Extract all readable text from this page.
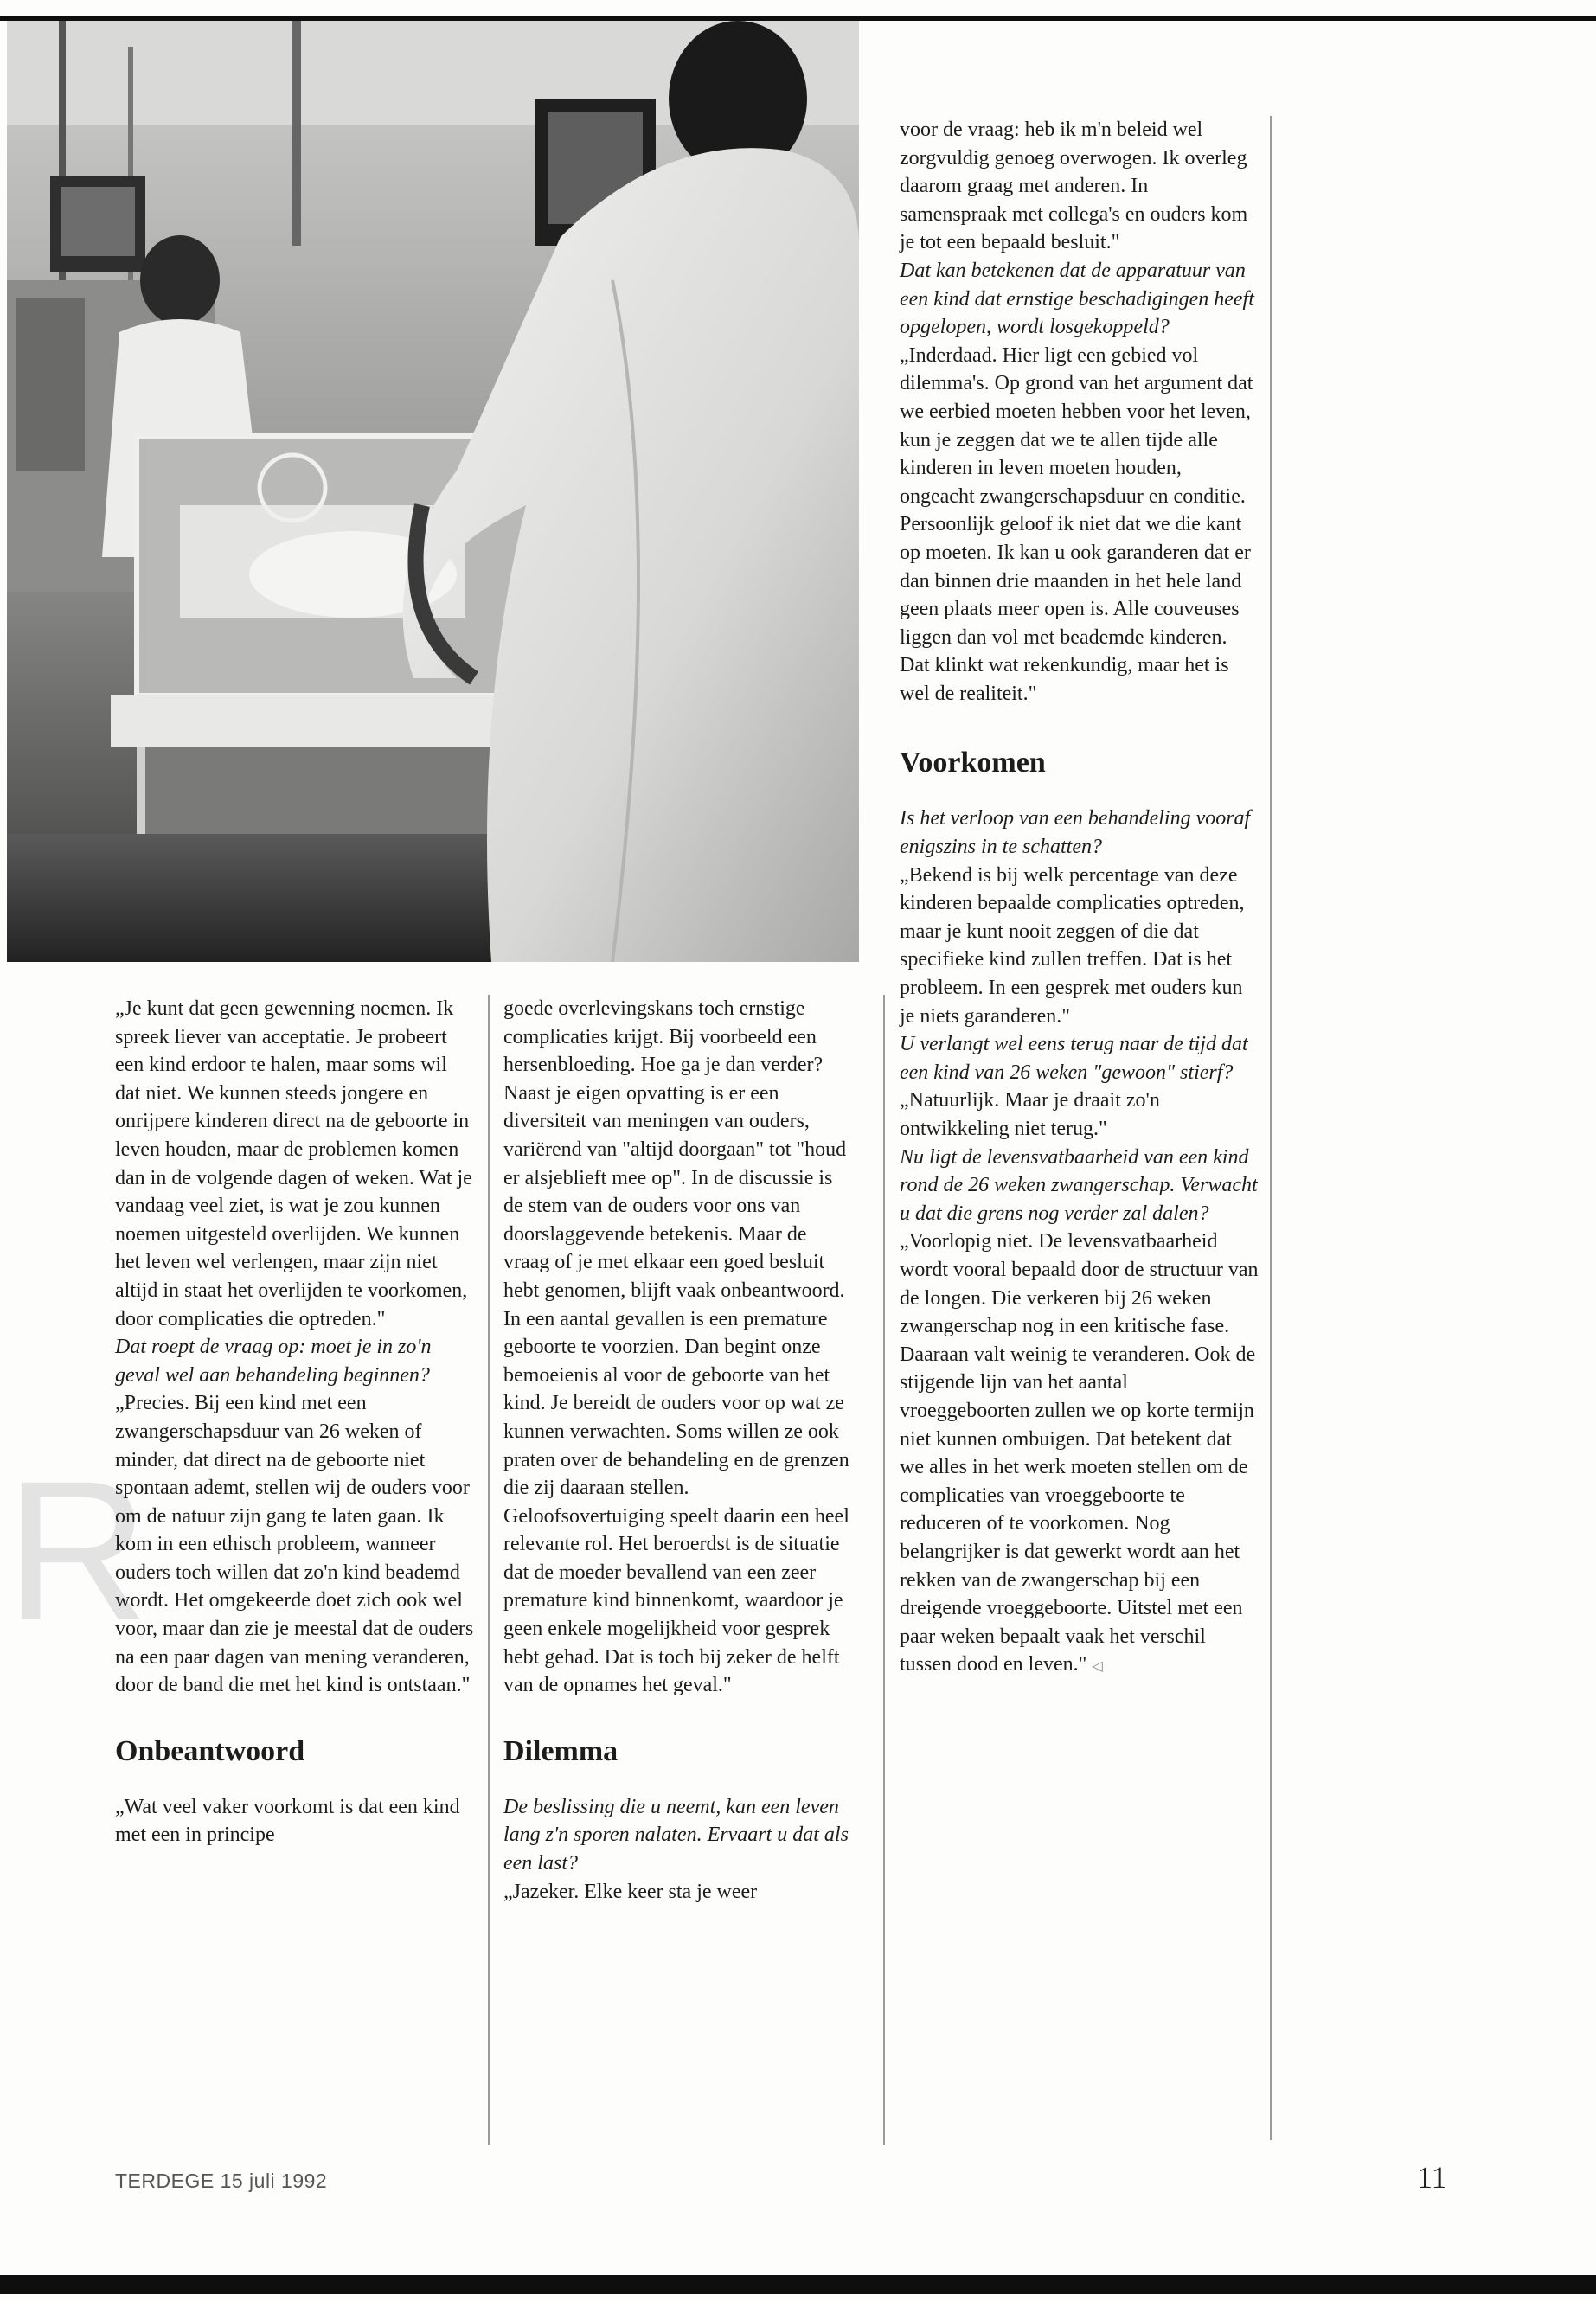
R

„Je kunt dat geen gewenning noemen. Ik spreek liever van acceptatie. Je probeert een kind erdoor te halen, maar soms wil dat niet. We kunnen steeds jongere en onrijpere kinderen direct na de geboorte in leven houden, maar de problemen komen dan in de volgende dagen of weken. Wat je vandaag veel ziet, is wat je zou kunnen noemen uitgesteld overlijden. We kunnen het leven wel verlengen, maar zijn niet altijd in staat het overlijden te voorkomen, door complicaties die optreden."

Dat roept de vraag op: moet je in zo'n geval wel aan behandeling beginnen?

„Precies. Bij een kind met een zwangerschapsduur van 26 weken of minder, dat direct na de geboorte niet spontaan ademt, stellen wij de ouders voor om de natuur zijn gang te laten gaan. Ik kom in een ethisch probleem, wanneer ouders toch willen dat zo'n kind beademd wordt. Het omgekeerde doet zich ook wel voor, maar dan zie je meestal dat de ouders na een paar dagen van mening veranderen, door de band die met het kind is ontstaan."

Onbeantwoord

„Wat veel vaker voorkomt is dat een kind met een in principe

goede overlevingskans toch ernstige complicaties krijgt. Bij voorbeeld een hersenbloeding. Hoe ga je dan verder? Naast je eigen opvatting is er een diversiteit van meningen van ouders, variërend van "altijd doorgaan" tot "houd er alsjeblieft mee op". In de discussie is de stem van de ouders voor ons van doorslaggevende betekenis. Maar de vraag of je met elkaar een goed besluit hebt genomen, blijft vaak onbeantwoord.

In een aantal gevallen is een premature geboorte te voorzien. Dan begint onze bemoeienis al voor de geboorte van het kind. Je bereidt de ouders voor op wat ze kunnen verwachten. Soms willen ze ook praten over de behandeling en de grenzen die zij daaraan stellen. Geloofsovertuiging speelt daarin een heel relevante rol. Het beroerdst is de situatie dat de moeder bevallend van een zeer premature kind binnenkomt, waardoor je geen enkele mogelijkheid voor gesprek hebt gehad. Dat is toch bij zeker de helft van de opnames het geval."

Dilemma

De beslissing die u neemt, kan een leven lang z'n sporen nalaten. Ervaart u dat als een last?

„Jazeker. Elke keer sta je weer

voor de vraag: heb ik m'n beleid wel zorgvuldig genoeg overwogen. Ik overleg daarom graag met anderen. In samenspraak met collega's en ouders kom je tot een bepaald besluit."

Dat kan betekenen dat de apparatuur van een kind dat ernstige beschadigingen heeft opgelopen, wordt losgekoppeld?

„Inderdaad. Hier ligt een gebied vol dilemma's. Op grond van het argument dat we eerbied moeten hebben voor het leven, kun je zeggen dat we te allen tijde alle kinderen in leven moeten houden, ongeacht zwangerschapsduur en conditie. Persoonlijk geloof ik niet dat we die kant op moeten. Ik kan u ook garanderen dat er dan binnen drie maanden in het hele land geen plaats meer open is. Alle couveuses liggen dan vol met beademde kinderen. Dat klinkt wat rekenkundig, maar het is wel de realiteit."

Voorkomen

Is het verloop van een behandeling vooraf enigszins in te schatten?

„Bekend is bij welk percentage van deze kinderen bepaalde complicaties optreden, maar je kunt nooit zeggen of die dat specifieke kind zullen treffen. Dat is het probleem. In een gesprek met ouders kun je niets garanderen."

U verlangt wel eens terug naar de tijd dat een kind van 26 weken "gewoon" stierf?

„Natuurlijk. Maar je draait zo'n ontwikkeling niet terug."

Nu ligt de levensvatbaarheid van een kind rond de 26 weken zwangerschap. Verwacht u dat die grens nog verder zal dalen?

„Voorlopig niet. De levensvatbaarheid wordt vooral bepaald door de structuur van de longen. Die verkeren bij 26 weken zwangerschap nog in een kritische fase. Daaraan valt weinig te veranderen. Ook de stijgende lijn van het aantal vroeggeboorten zullen we op korte termijn niet kunnen ombuigen. Dat betekent dat we alles in het werk moeten stellen om de complicaties van vroeggeboorte te reduceren of te voorkomen. Nog belangrijker is dat gewerkt wordt aan het rekken van de zwangerschap bij een dreigende vroeggeboorte. Uitstel met een paar weken bepaalt vaak het verschil tussen dood en leven." ◁

TERDEGE 15 juli 1992	11
